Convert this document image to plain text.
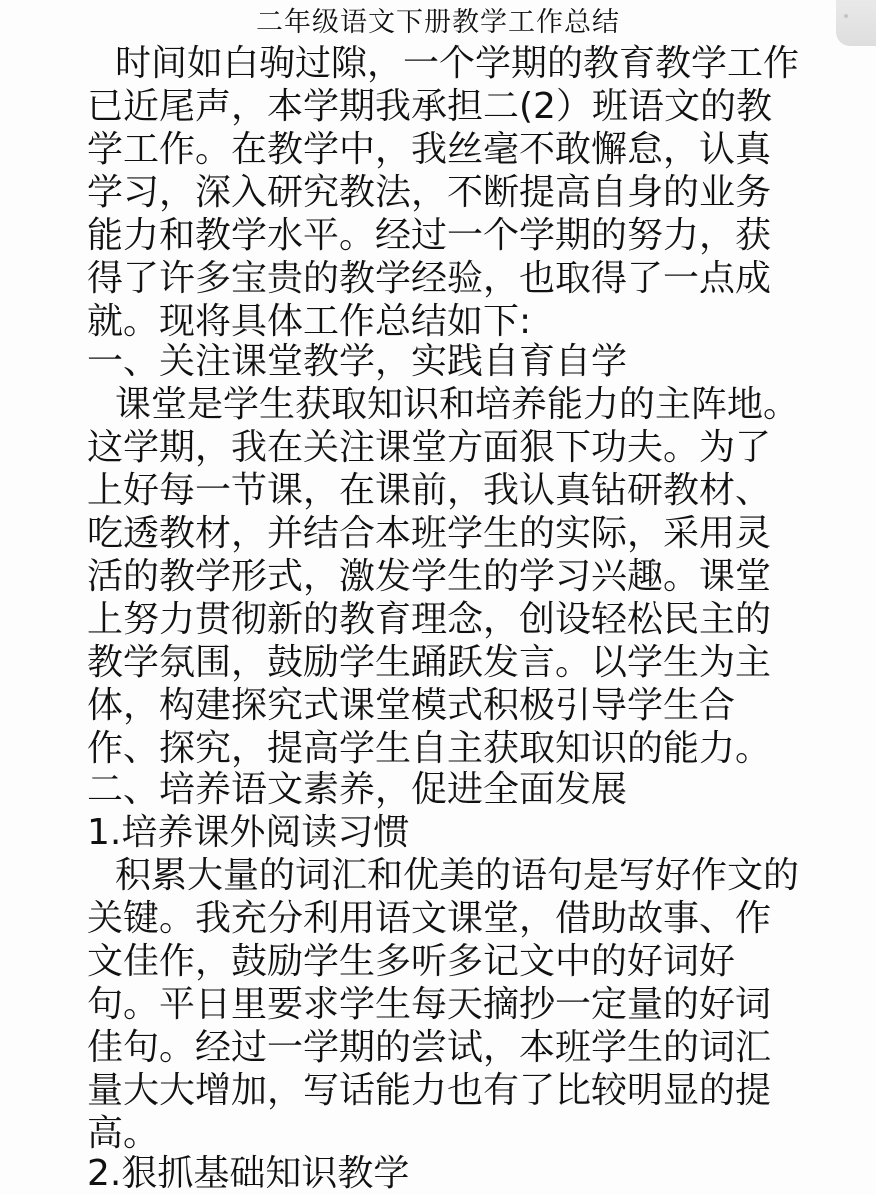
二年级语文下册教学工作总结

时间如白驹过隙，一个学期的教育教学工作

已近尾声，本学期我承担二(2）班语文的教

学工作。在教学中，我丝毫不敢懈怠，认真

学习，深入研究教法，不断提高自身的业务

能力和教学水平。经过一个学期的努力，获

得了许多宝贵的教学经验，也取得了一点成

就。现将具体工作总结如下:

一、关注课堂教学，实践自育自学

课堂是学生获取知识和培养能力的主阵地。

这学期，我在关注课堂方面狠下功夫。为了

上好每一节课，在课前，我认真钻研教材、

吃透教材，并结合本班学生的实际，采用灵

活的教学形式，激发学生的学习兴趣。课堂

上努力贯彻新的教育理念，创设轻松民主的

教学氛围，鼓励学生踊跃发言。以学生为主

体，构建探究式课堂模式积极引导学生合

作、探究，提高学生自主获取知识的能力。

二、培养语文素养，促进全面发展

1.培养课外阅读习惯

积累大量的词汇和优美的语句是写好作文的

关键。我充分利用语文课堂，借助故事、作

文佳作，鼓励学生多听多记文中的好词好

句。平日里要求学生每天摘抄一定量的好词

佳句。经过一学期的尝试，本班学生的词汇

量大大增加，写话能力也有了比较明显的提

高。

2.狠抓基础知识教学
